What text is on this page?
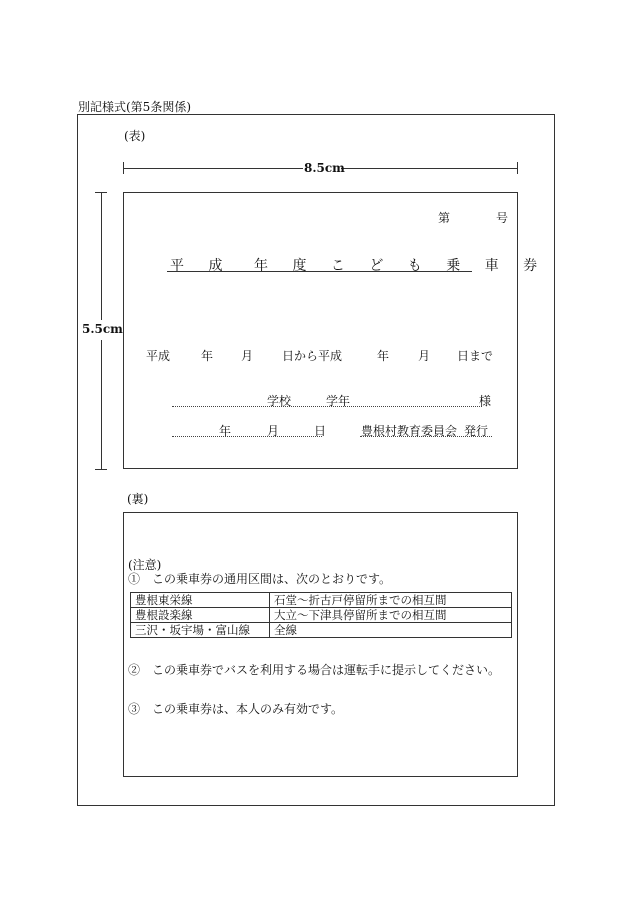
別記様式(第5条関係)
(表)
8.5cm
5.5cm
第	号
平 成 年 度 こ ど も 乗 車 券
平成	年 月 日から平成	年 月 日まで
学校	学年	様
年	月	日	豊根村教育委員会 発行
(裏)
(注意)
①　この乗車券の通用区間は、次のとおりです。
豊根東栄線	石堂～折古戸停留所までの相互間
豊根設楽線	大立～下津具停留所までの相互間
三沢・坂宇場・富山線	全線
②　この乗車券でバスを利用する場合は運転手に提示してください。
③　この乗車券は、本人のみ有効です。
